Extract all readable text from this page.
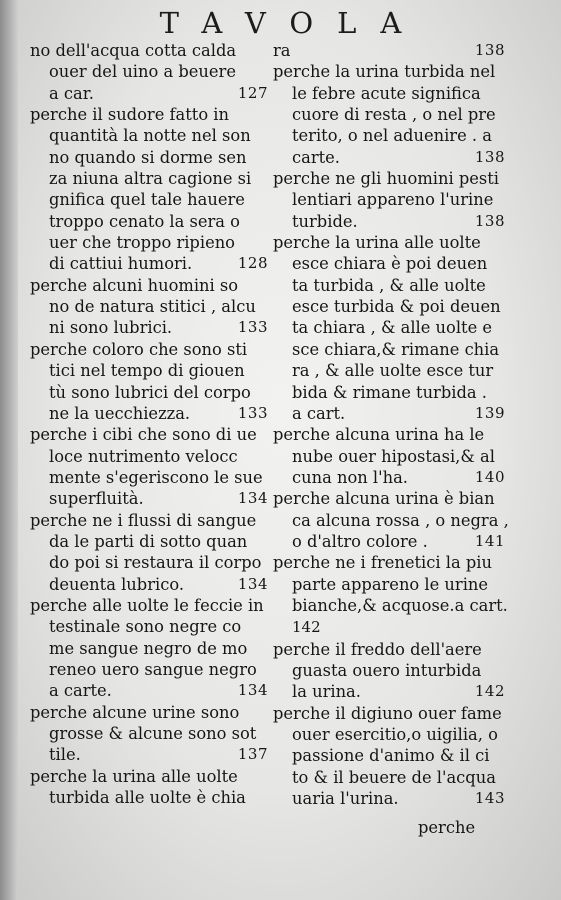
TAVOLA
no dell'acqua cotta calda
ouer del uino a beuere
127
a car.
perche il sudore fatto in
quantità la notte nel son
no quando si dorme sen
za niuna altra cagione si
gnifica quel tale hauere
troppo cenato la sera o
uer che troppo ripieno
128
di cattiui humori.
perche alcuni huomini so
no de natura stitici , alcu
133
ni sono lubrici.
perche coloro che sono sti
tici nel tempo di giouen
tù sono lubrici del corpo
133
ne la uecchiezza.
perche i cibi che sono di ue
loce nutrimento velocc
mente s'egeriscono le sue
134
superfluità.
perche ne i flussi di sangue
da le parti di sotto quan
do poi si restaura il corpo
134
deuenta lubrico.
perche alle uolte le feccie in
testinale sono negre co
me sangue negro de mo
reneo uero sangue negro
134
a carte.
perche alcune urine sono
grosse & alcune sono sot
137
tile.
perche la urina alle uolte
turbida alle uolte è chia
138
ra
perche la urina turbida nel
le febre acute significa
cuore di resta , o nel pre
terito, o nel aduenire . a
138
carte.
perche ne gli huomini pesti
lentiari appareno l'urine
138
turbide.
perche la urina alle uolte
esce chiara è poi deuen
ta turbida , & alle uolte
esce turbida & poi deuen
ta chiara , & alle uolte e
sce chiara,& rimane chia
ra , & alle uolte esce tur
bida & rimane turbida .
139
a cart.
perche alcuna urina ha le
nube ouer hipostasi,& al
140
cuna non l'ha.
perche alcuna urina è bian
ca alcuna rossa , o negra ,
141
o d'altro colore .
perche ne i frenetici la piu
parte appareno le urine
bianche,& acquose.a cart.
142
perche il freddo dell'aere
guasta ouero inturbida
142
la urina.
perche il digiuno ouer fame
ouer esercitio,o uigilia, o
passione d'animo & il ci
to & il beuere de l'acqua
143
uaria l'urina.
perche
